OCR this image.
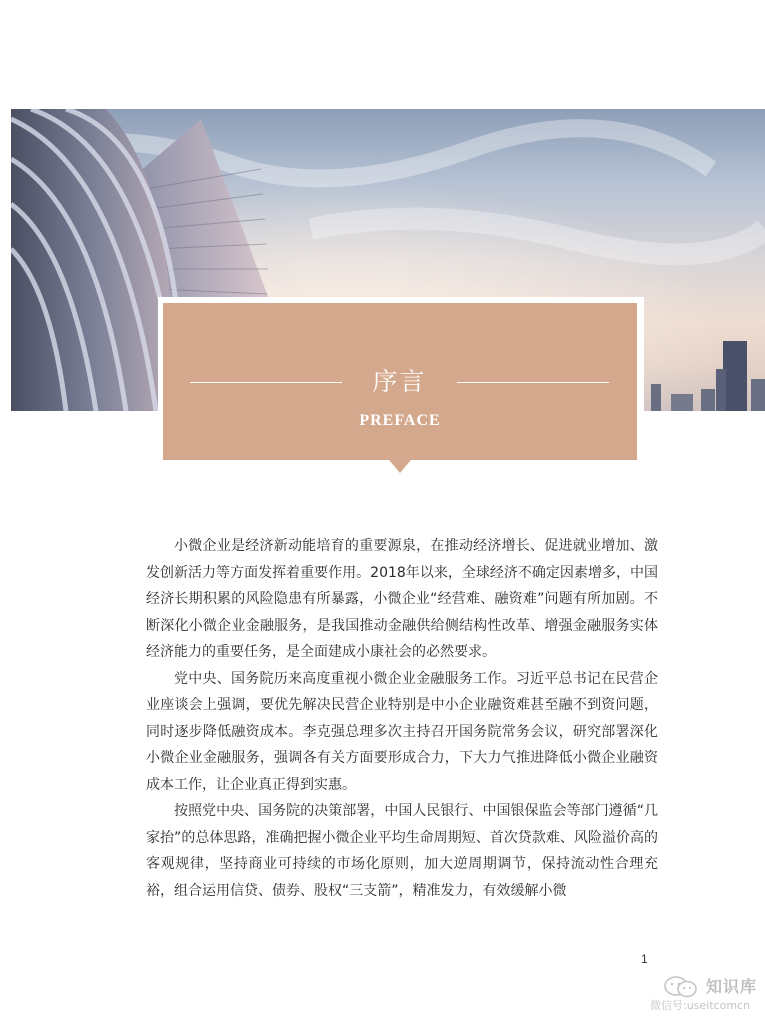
序言
PREFACE

小微企业是经济新动能培育的重要源泉，在推动经济增长、促进就业增加、激发创新活力等方面发挥着重要作用。2018年以来，全球经济不确定因素增多，中国经济长期积累的风险隐患有所暴露，小微企业“经营难、融资难”问题有所加剧。不断深化小微企业金融服务，是我国推动金融供给侧结构性改革、增强金融服务实体经济能力的重要任务，是全面建成小康社会的必然要求。

党中央、国务院历来高度重视小微企业金融服务工作。习近平总书记在民营企业座谈会上强调，要优先解决民营企业特别是中小企业融资难甚至融不到资问题，同时逐步降低融资成本。李克强总理多次主持召开国务院常务会议，研究部署深化小微企业金融服务，强调各有关方面要形成合力，下大力气推进降低小微企业融资成本工作，让企业真正得到实惠。

按照党中央、国务院的决策部署，中国人民银行、中国银保监会等部门遵循“几家抬”的总体思路，准确把握小微企业平均生命周期短、首次贷款难、风险溢价高的客观规律，坚持商业可持续的市场化原则，加大逆周期调节，保持流动性合理充裕，组合运用信贷、债券、股权“三支箭”，精准发力，有效缓解小微

1
知识库
微信号:useitcomcn
